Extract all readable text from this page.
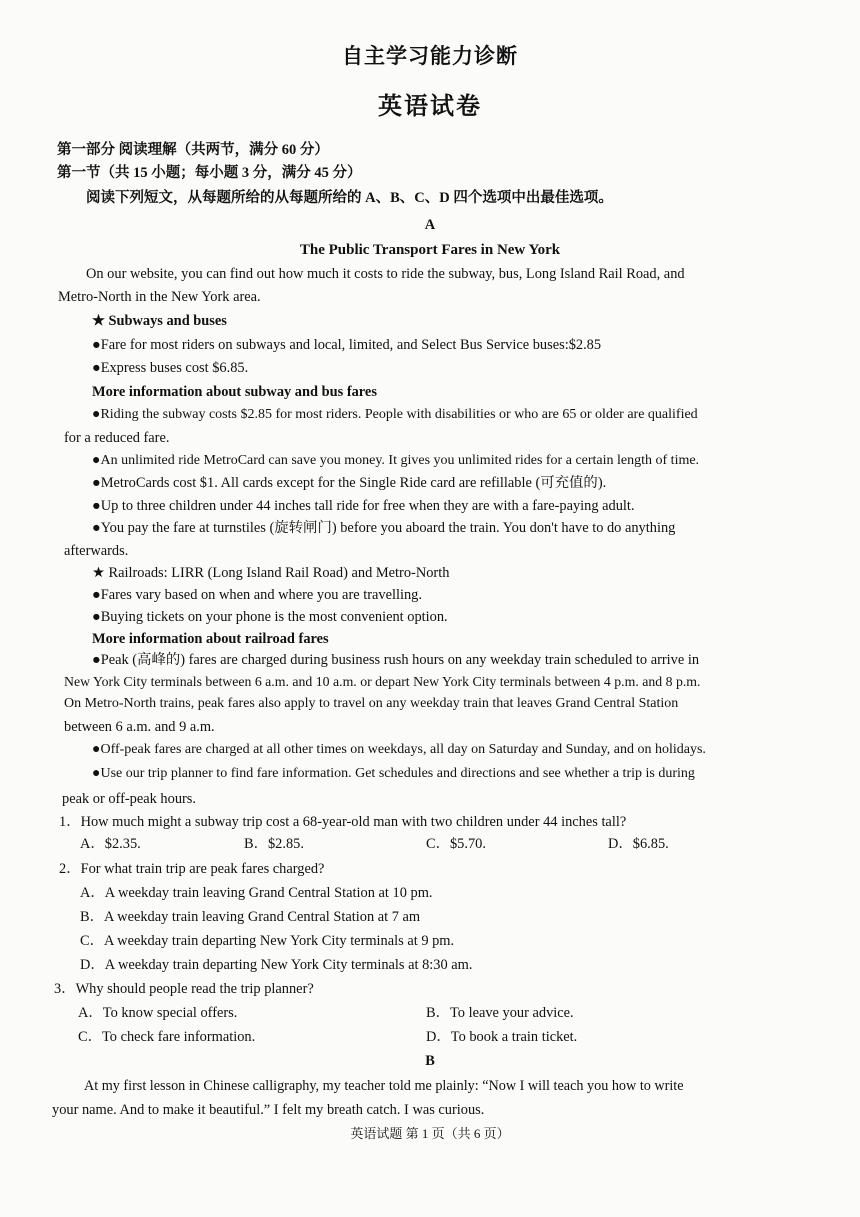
自主学习能力诊断
英语试卷
第一部分 阅读理解（共两节，满分 60 分）
第一节（共 15 小题；每小题 3 分，满分 45 分）
阅读下列短文，从每题所给的从每题所给的 A、B、C、D 四个选项中出最佳选项。
A
The Public Transport Fares in New York
On our website, you can find out how much it costs to ride the subway, bus, Long Island Rail Road, and
Metro-North in the New York area.
★ Subways and buses
●Fare for most riders on subways and local, limited, and Select Bus Service buses:$2.85
●Express buses cost $6.85.
More information about subway and bus fares
●Riding the subway costs $2.85 for most riders. People with disabilities or who are 65 or older are qualified
for a reduced fare.
●An unlimited ride MetroCard can save you money. It gives you unlimited rides for a certain length of time.
●MetroCards cost $1. All cards except for the Single Ride card are refillable (可充值的).
●Up to three children under 44 inches tall ride for free when they are with a fare-paying adult.
●You pay the fare at turnstiles (旋转闸门) before you aboard the train. You don't have to do anything
afterwards.
★ Railroads: LIRR (Long Island Rail Road) and Metro-North
●Fares vary based on when and where you are travelling.
●Buying tickets on your phone is the most convenient option.
More information about railroad fares
●Peak (高峰的) fares are charged during business rush hours on any weekday train scheduled to arrive in
New York City terminals between 6 a.m. and 10 a.m. or depart New York City terminals between 4 p.m. and 8 p.m.
On Metro-North trains, peak fares also apply to travel on any weekday train that leaves Grand Central Station
between 6 a.m. and 9 a.m.
●Off-peak fares are charged at all other times on weekdays, all day on Saturday and Sunday, and on holidays.
●Use our trip planner to find fare information. Get schedules and directions and see whether a trip is during
peak or off-peak hours.
1．How much might a subway trip cost a 68-year-old man with two children under 44 inches tall?
A．$2.35.	B．$2.85.	C．$5.70.	D．$6.85.
2．For what train trip are peak fares charged?
A．A weekday train leaving Grand Central Station at 10 pm.
B．A weekday train leaving Grand Central Station at 7 am
C．A weekday train departing New York City terminals at 9 pm.
D．A weekday train departing New York City terminals at 8:30 am.
3．Why should people read the trip planner?
A．To know special offers.	B．To leave your advice.
C．To check fare information.	D．To book a train ticket.
B
At my first lesson in Chinese calligraphy, my teacher told me plainly: “Now I will teach you how to write
your name. And to make it beautiful.” I felt my breath catch. I was curious.
英语试题 第 1 页（共 6 页）
